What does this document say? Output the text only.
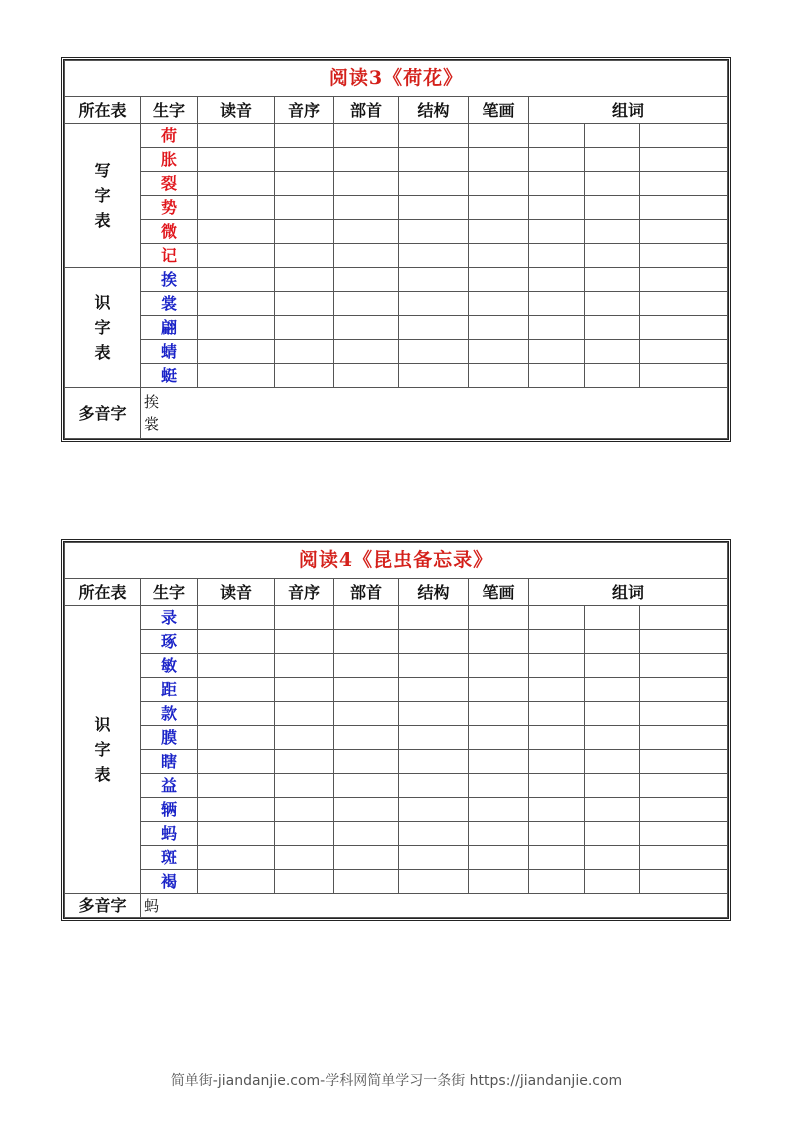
阅读3《荷花》									
所在表	生字	读音	音序	部首	结构	笔画	组词		
写
字
表	荷								
	胀								
	裂								
	势								
	微								
	记								
识
字
表	挨								
	裳								
	翩								
	蜻								
	蜓								
多音字	挨
裳								
阅读4《昆虫备忘录》									
所在表	生字	读音	音序	部首	结构	笔画	组词		
识
字
表	录								
	琢								
	敏								
	距								
	款								
	膜								
	瞎								
	益								
	辆								
	蚂								
	斑								
	褐								
多音字	蚂								
简单街-jiandanjie.com-学科网简单学习一条街 https://jiandanjie.com
